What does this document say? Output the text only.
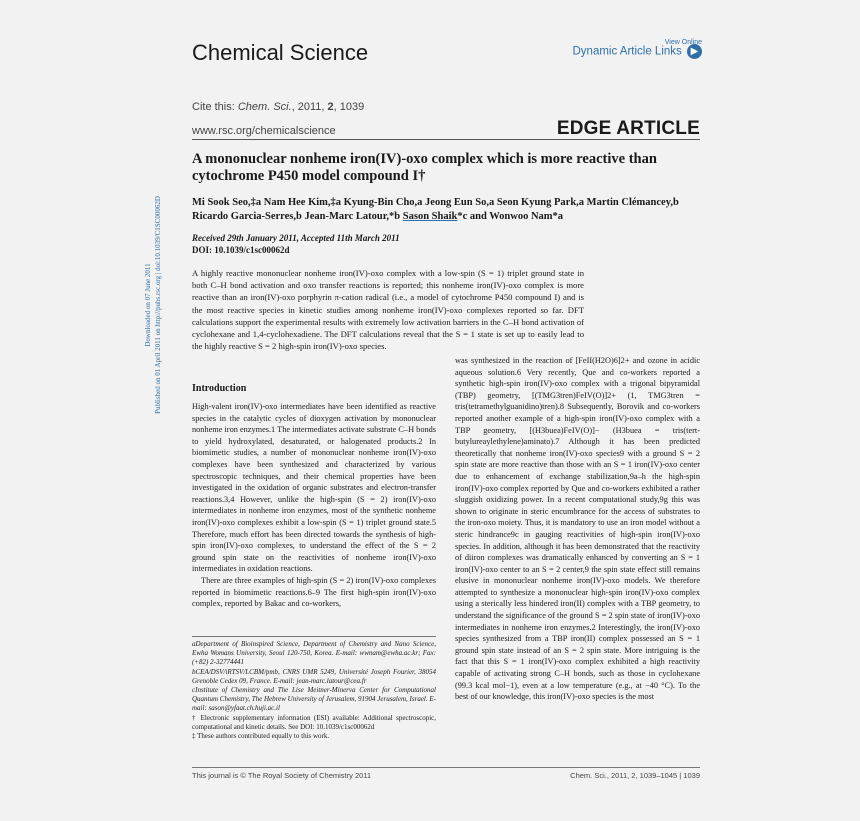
Chemical Science	View Online
Dynamic Article Links ▶
Cite this: Chem. Sci., 2011, 2, 1039
www.rsc.org/chemicalscience	EDGE ARTICLE
A mononuclear nonheme iron(IV)-oxo complex which is more reactive than cytochrome P450 model compound I†
Mi Sook Seo,‡a Nam Hee Kim,‡a Kyung-Bin Cho,a Jeong Eun So,a Seon Kyung Park,a Martin Clémancey,b Ricardo Garcia-Serres,b Jean-Marc Latour,*b Sason Shaik*c and Wonwoo Nam*a
Received 29th January 2011, Accepted 11th March 2011
DOI: 10.1039/c1sc00062d
A highly reactive mononuclear nonheme iron(IV)-oxo complex with a low-spin (S = 1) triplet ground state in both C–H bond activation and oxo transfer reactions is reported; this nonheme iron(IV)-oxo complex is more reactive than an iron(IV)-oxo porphyrin π-cation radical (i.e., a model of cytochrome P450 compound I) and is the most reactive species in kinetic studies among nonheme iron(IV)-oxo complexes reported so far. DFT calculations support the experimental results with extremely low activation barriers in the C–H bond activation of cyclohexane and 1,4-cyclohexadiene. The DFT calculations reveal that the S = 1 state is set up to easily lead to the highly reactive S = 2 high-spin iron(IV)-oxo species.
Downloaded on 07 June 2011 Published on 01 April 2011 on http://pubs.rsc.org | doi:10.1039/C1SC00062D	Introduction

High-valent iron(IV)-oxo intermediates have been identified as reactive species in the catalytic cycles of dioxygen activation by mononuclear nonheme iron enzymes.1 The intermediates activate substrate C–H bonds to yield hydroxylated, desaturated, or halogenated products.2 In biomimetic studies, a number of mononuclear nonheme iron(IV)-oxo complexes have been synthesized and characterized by various spectroscopic techniques, and their chemical properties have been investigated in the oxidation of organic substrates and electron-transfer reactions.3,4 However, unlike the high-spin (S = 2) iron(IV)-oxo intermediates in nonheme iron enzymes, most of the synthetic nonheme iron(IV)-oxo complexes exhibit a low-spin (S = 1) triplet ground state.5 Therefore, much effort has been directed towards the synthesis of high-spin iron(IV)-oxo complexes, to understand the effect of the S = 2 ground spin state on the reactivities of nonheme iron(IV)-oxo intermediates in oxidation reactions.

There are three examples of high-spin (S = 2) iron(IV)-oxo complexes reported in biomimetic reactions.6–9 The first high-spin iron(IV)-oxo complex, reported by Bakac and co-workers,

was synthesized in the reaction of [FeII(H2O)6]2+ and ozone in acidic aqueous solution.6 Very recently, Que and co-workers reported a synthetic high-spin iron(IV)-oxo complex with a trigonal bipyramidal (TBP) geometry, [(TMG3tren)FeIV(O)]2+ (1, TMG3tren = tris(tetramethylguanidino)tren).8 Subsequently, Borovik and co-workers reported another example of a high-spin iron(IV)-oxo complex with a TBP geometry, [(H3buea)FeIV(O)]− (H3buea = tris(tert-butylureaylethylene)aminato).7 Although it has been predicted theoretically that nonheme iron(IV)-oxo species9 with a ground S = 2 spin state are more reactive than those with an S = 1 iron(IV)-oxo center due to enhancement of exchange stabilization,9a–h the high-spin iron(IV)-oxo complex reported by Que and co-workers exhibited a rather sluggish oxidizing power. In a recent computational study,9g this was shown to originate in steric encumbrance for the access of substrates to the iron-oxo moiety. Thus, it is mandatory to use an iron model without a steric hindrance9c in gauging reactivities of high-spin iron(IV)-oxo species. In addition, although it has been demonstrated that the reactivity of diiron complexes was dramatically enhanced by converting an S = 1 iron(IV)-oxo center to an S = 2 center,9 the spin state effect still remains elusive in mononuclear nonheme iron(IV)-oxo models. We therefore attempted to synthesize a mononuclear high-spin iron(IV)-oxo complex using a sterically less hindered iron(II) complex with a TBP geometry, to understand the significance of the ground S = 2 spin state of iron(IV)-oxo intermediates in nonheme iron enzymes.2 Interestingly, the iron(IV)-oxo species synthesized from a TBP iron(II) complex possessed an S = 1 ground spin state instead of an S = 2 spin state. More intriguing is the fact that this S = 1 iron(IV)-oxo complex exhibited a high reactivity capable of activating strong C–H bonds, such as those in cyclohexane (99.3 kcal mol−1), even at a low temperature (e.g., at −40 °C). To the best of our knowledge, this iron(IV)-oxo species is the most

aDepartment of Bioinspired Science, Department of Chemistry and Nano Science, Ewha Womans University, Seoul 120-750, Korea. E-mail: wwnam@ewha.ac.kr; Fax: (+82) 2-32774441

bCEA/DSV/iRTSV/LCBM/pmb, CNRS UMR 5249, Université Joseph Fourier, 38054 Grenoble Cedex 09, France. E-mail: jean-marc.latour@cea.fr

cInstitute of Chemistry and The Lise Meitner-Minerva Center for Computational Quantum Chemistry, The Hebrew University of Jerusalem, 91904 Jerusalem, Israel. E-mail: sason@yfaat.ch.huji.ac.il

† Electronic supplementary information (ESI) available: Additional spectroscopic, computational and kinetic details. See DOI: 10.1039/c1sc00062d

‡ These authors contributed equally to this work.

This journal is © The Royal Society of Chemistry 2011	Chem. Sci., 2011, 2, 1039–1045 | 1039
